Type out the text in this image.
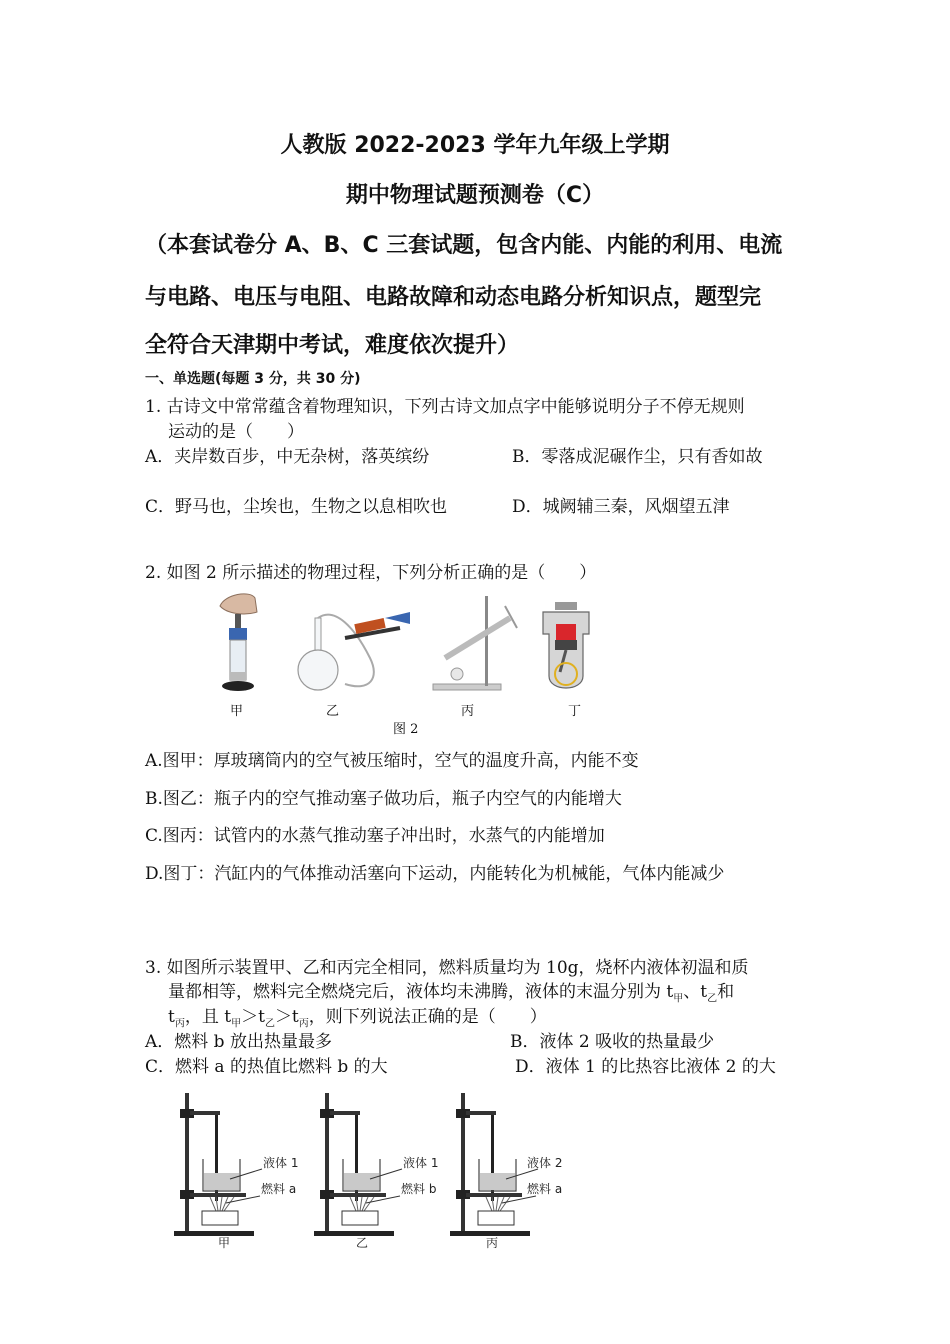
人教版 2022-2023 学年九年级上学期
期中物理试题预测卷（C）
（本套试卷分 A、B、C 三套试题，包含内能、内能的利用、电流
与电路、电压与电阻、电路故障和动态电路分析知识点，题型完
全符合天津期中考试，难度依次提升）
一、单选题(每题 3 分，共 30 分)
1. 古诗文中常常蕴含着物理知识，下列古诗文加点字中能够说明分子不停无规则
运动的是（　　）
A．夹岸数百步，中无杂树，落英缤纷	B．零落成泥碾作尘，只有香如故
C．野马也，尘埃也，生物之以息相吹也	D．城阙辅三秦，风烟望五津
2. 如图 2 所示描述的物理过程，下列分析正确的是（　　）
甲	乙	丙	丁
图 2
A.图甲：厚玻璃筒内的空气被压缩时，空气的温度升高，内能不变
B.图乙：瓶子内的空气推动塞子做功后，瓶子内空气的内能增大
C.图丙：试管内的水蒸气推动塞子冲出时，水蒸气的内能增加
D.图丁：汽缸内的气体推动活塞向下运动，内能转化为机械能，气体内能减少
3. 如图所示装置甲、乙和丙完全相同，燃料质量均为 10g，烧杯内液体初温和质
量都相等，燃料完全燃烧完后，液体均未沸腾，液体的末温分别为 $t_甲$、$t_乙$和
$t_丙$，且 $t_甲>t_乙>t_丙$，则下列说法正确的是（　　）
A．燃料 b 放出热量最多	B．液体 2 吸收的热量最少
C．燃料 a 的热值比燃料 b 的大	D．液体 1 的比热容比液体 2 的大
液体 1
燃料 a
甲
液体 1
燃料 b
乙
液体 2
燃料 a
丙
